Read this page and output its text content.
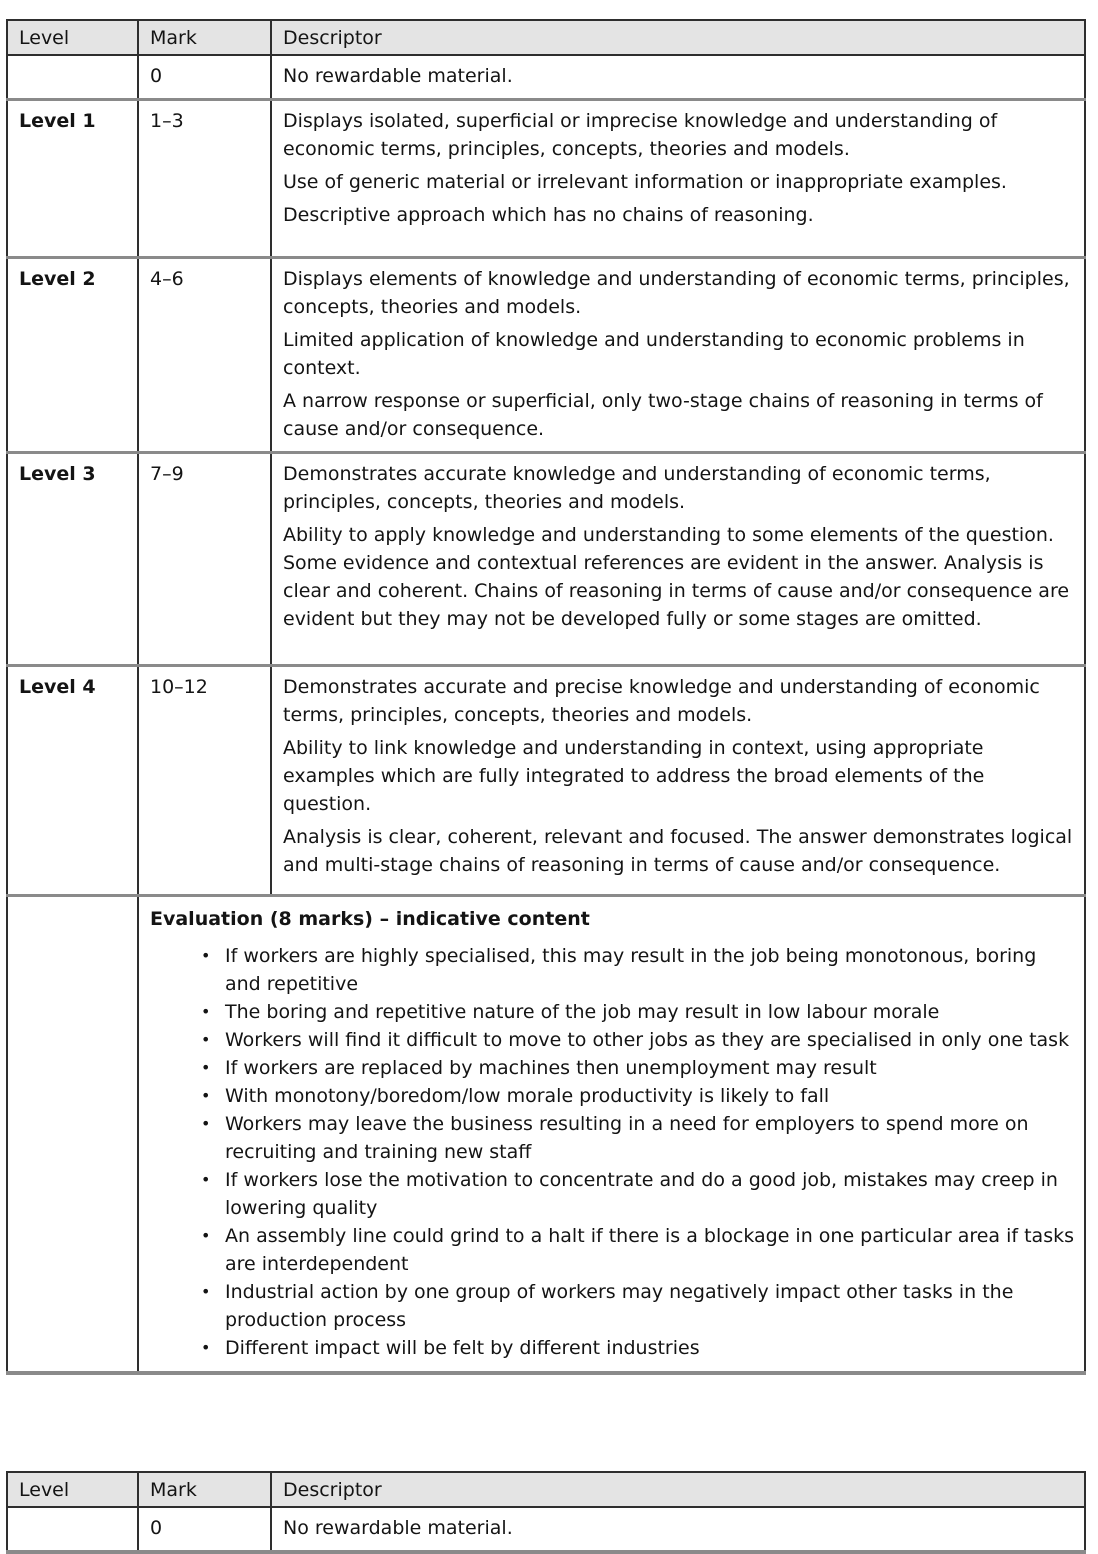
Level	Mark	Descriptor
	0	No rewardable material.

Level 1	1–3	Displays isolated, superficial or imprecise knowledge and understanding of economic terms, principles, concepts, theories and models.

Use of generic material or irrelevant information or inappropriate examples.

Descriptive approach which has no chains of reasoning.

Level 2	4–6	Displays elements of knowledge and understanding of economic terms, principles, concepts, theories and models.

Limited application of knowledge and understanding to economic problems in context.

A narrow response or superficial, only two-stage chains of reasoning in terms of cause and/or consequence.

Level 3	7–9	Demonstrates accurate knowledge and understanding of economic terms, principles, concepts, theories and models.

Ability to apply knowledge and understanding to some elements of the question. Some evidence and contextual references are evident in the answer. Analysis is clear and coherent. Chains of reasoning in terms of cause and/or consequence are evident but they may not be developed fully or some stages are omitted.

Level 4	10–12	Demonstrates accurate and precise knowledge and understanding of economic terms, principles, concepts, theories and models.

Ability to link knowledge and understanding in context, using appropriate examples which are fully integrated to address the broad elements of the question.

Analysis is clear, coherent, relevant and focused. The answer demonstrates logical and multi-stage chains of reasoning in terms of cause and/or consequence.

Evaluation (8 marks) – indicative content

• If workers are highly specialised, this may result in the job being monotonous, boring and repetitive
• The boring and repetitive nature of the job may result in low labour morale
• Workers will find it difficult to move to other jobs as they are specialised in only one task
• If workers are replaced by machines then unemployment may result
• With monotony/boredom/low morale productivity is likely to fall
• Workers may leave the business resulting in a need for employers to spend more on recruiting and training new staff
• If workers lose the motivation to concentrate and do a good job, mistakes may creep in lowering quality
• An assembly line could grind to a halt if there is a blockage in one particular area if tasks are interdependent
• Industrial action by one group of workers may negatively impact other tasks in the production process
• Different impact will be felt by different industries
Level	Mark	Descriptor
	0	No rewardable material.
